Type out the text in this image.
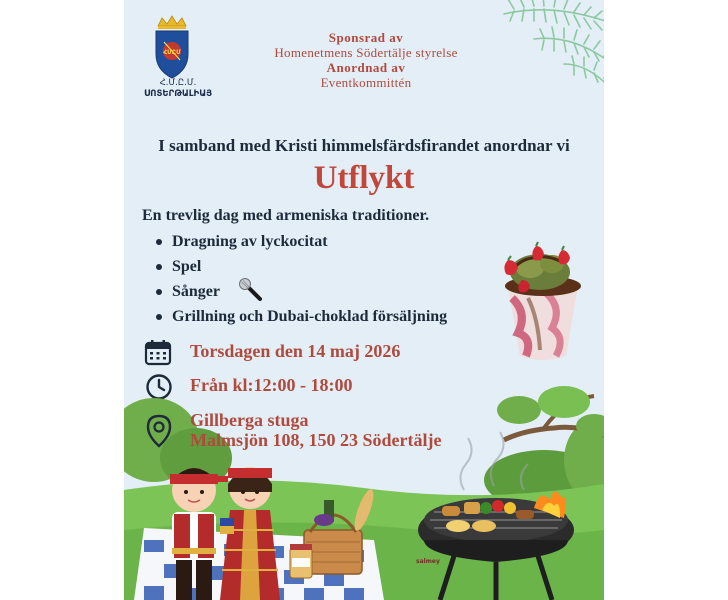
ՀՄԸՄ
Հ.Մ.Ը.Մ.
ՍՈՏԵՐԹԱԼԻԱՅ
Sponsrad av
Homenetmens Södertälje styrelse
Anordnad av
Eventkommittén
I samband med Kristi himmelsfärdsfirandet anordnar vi
Utflykt
En trevlig dag med armeniska traditioner.
Dragning av lyckocitat
Spel
Sånger
Grillning och Dubai-choklad försäljning
Torsdagen den 14 maj 2026
Från kl:12:00 - 18:00
salmey
Gillberga stuga
Malmsjön 108, 150 23 Södertälje
